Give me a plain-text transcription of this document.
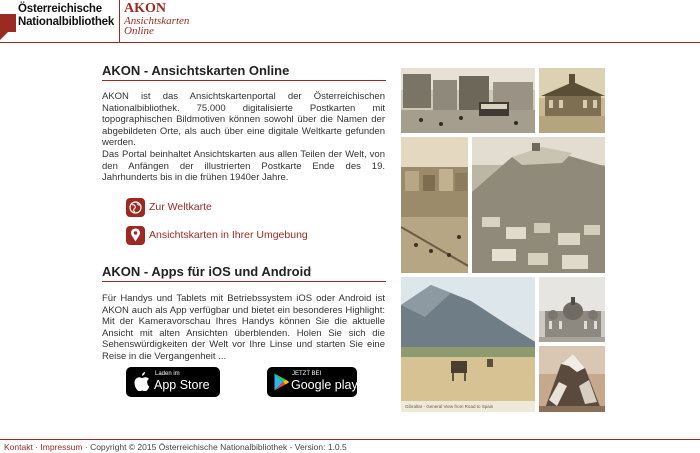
Österreichische
Nationalbibliothek
AKON
Ansichtskarten
Online
AKON - Ansichtskarten Online
AKON ist das Ansichtskartenportal der Österreichischen Nationalbibliothek. 75.000 digitalisierte Postkarten mit topographischen Bildmotiven können sowohl über die Namen der abgebildeten Orte, als auch über eine digitale Weltkarte gefunden werden.
Das Portal beinhaltet Ansichtskarten aus allen Teilen der Welt, von den Anfängen der illustrierten Postkarte Ende des 19. Jahrhunderts bis in die frühen 1940er Jahre.
Zur Weltkarte
Ansichtskarten in Ihrer Umgebung
AKON - Apps für iOS und Android
Für Handys und Tablets mit Betriebssystem iOS oder Android ist AKON auch als App verfügbar und bietet ein besonderes Highlight: Mit der Kameravorschau Ihres Handys können Sie die aktuelle Ansicht mit alten Ansichten überblenden. Holen Sie sich die Sehenswürdigkeiten der Welt vor Ihre Linse und starten Sie eine Reise in die Vergangenheit ...
Laden im
App Store
JETZT BEI
Google play
Gibraltar - General View from Road to Spain
Kontakt · Impressum · Copyright © 2015 Österreichische Nationalbibliothek - Version: 1.0.5
